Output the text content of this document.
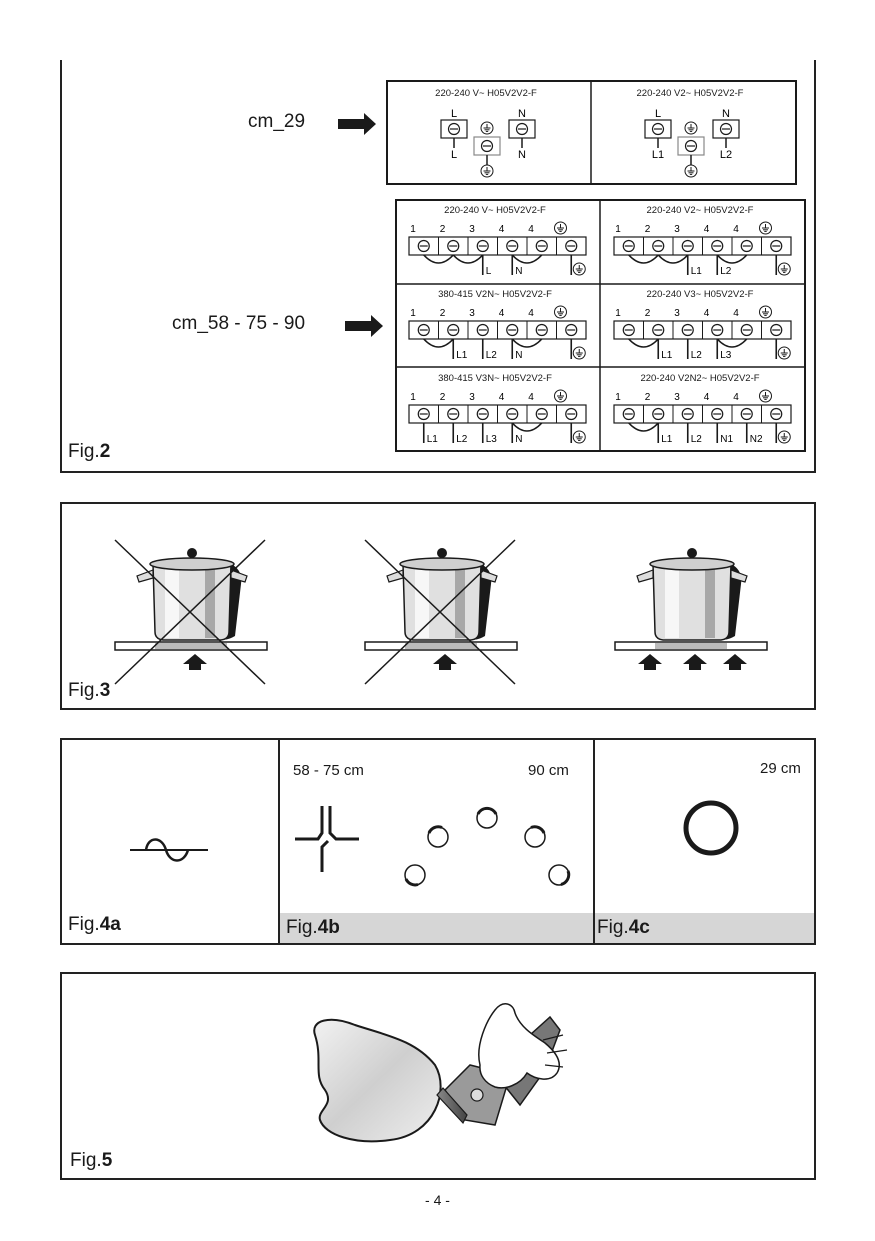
cm_29
cm_58 - 75 - 90
220-240 V~ H05V2V2-F
L	N
L	N
220-240 V2~ H05V2V2-F
L	N
L1	L2
220-240 V~ H05V2V2-F
1 2 3 4 4
L N
220-240 V2~ H05V2V2-F
1 2 3 4 4
L1 L2
380-415 V2N~ H05V2V2-F
1 2 3 4 4
L1 L2 N
220-240 V3~ H05V2V2-F
1 2 3 4 4
L1 L2 L3
380-415 V3N~ H05V2V2-F
1 2 3 4 4
L1 L2 L3 N
220-240 V2N2~ H05V2V2-F
1 2 3 4 4
L1 L2 N1 N2
Fig.2
Fig.3
58 - 75 cm	90 cm	29 cm
Fig.4a	Fig.4b	Fig.4c
Fig.5
- 4 -
